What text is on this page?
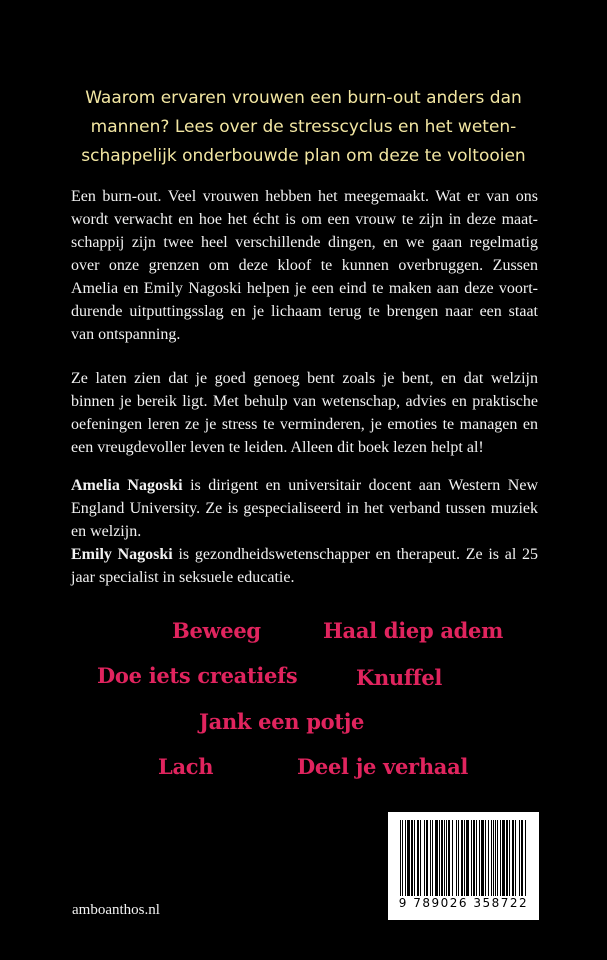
Waarom ervaren vrouwen een burn-out anders dan
mannen? Lees over de stresscyclus en het weten-
schappelijk onderbouwde plan om deze te voltooien
Een burn-out. Veel vrouwen hebben het meegemaakt. Wat er van ons
wordt verwacht en hoe het écht is om een vrouw te zijn in deze maat-
schappij zijn twee heel verschillende dingen, en we gaan regelmatig
over onze grenzen om deze kloof te kunnen overbruggen. Zussen
Amelia en Emily Nagoski helpen je een eind te maken aan deze voort-
durende uitputtingsslag en je lichaam terug te brengen naar een staat
van ontspanning.
Ze laten zien dat je goed genoeg bent zoals je bent, en dat welzijn
binnen je bereik ligt. Met behulp van wetenschap, advies en praktische
oefeningen leren ze je stress te verminderen, je emoties te managen en
een vreugdevoller leven te leiden. Alleen dit boek lezen helpt al!
Amelia Nagoski is dirigent en universitair docent aan Western New
England University. Ze is gespecialiseerd in het verband tussen muziek
en welzijn.
Emily Nagoski is gezondheidswetenschapper en therapeut. Ze is al 25
jaar specialist in seksuele educatie.
Beweeg	Haal diep adem
Doe iets creatiefs	Knuffel
Jank een potje
Lach	Deel je verhaal
9 789026 358722
amboanthos.nl
